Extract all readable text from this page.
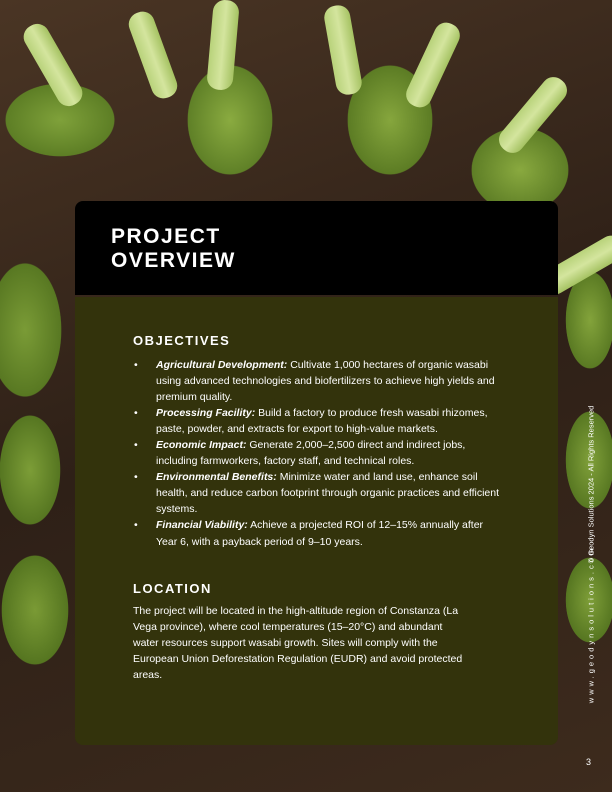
PROJECT
OVERVIEW
OBJECTIVES
• Agricultural Development: Cultivate 1,000 hectares of organic wasabi using advanced technologies and biofertilizers to achieve high yields and premium quality.
• Processing Facility: Build a factory to produce fresh wasabi rhizomes, paste, powder, and extracts for export to high-value markets.
• Economic Impact: Generate 2,000–2,500 direct and indirect jobs, including farmworkers, factory staff, and technical roles.
• Environmental Benefits: Minimize water and land use, enhance soil health, and reduce carbon footprint through organic practices and efficient systems.
• Financial Viability: Achieve a projected ROI of 12–15% annually after Year 6, with a payback period of 9–10 years.
LOCATION

The project will be located in the high-altitude region of Constanza (La Vega province), where cool temperatures (15–20°C) and abundant water resources support wasabi growth. Sites will comply with the European Union Deforestation Regulation (EUDR) and avoid protected areas.

© Geodyn Solutions 2024 - All Rights Reserved
www.geodynsolutions.com
3
